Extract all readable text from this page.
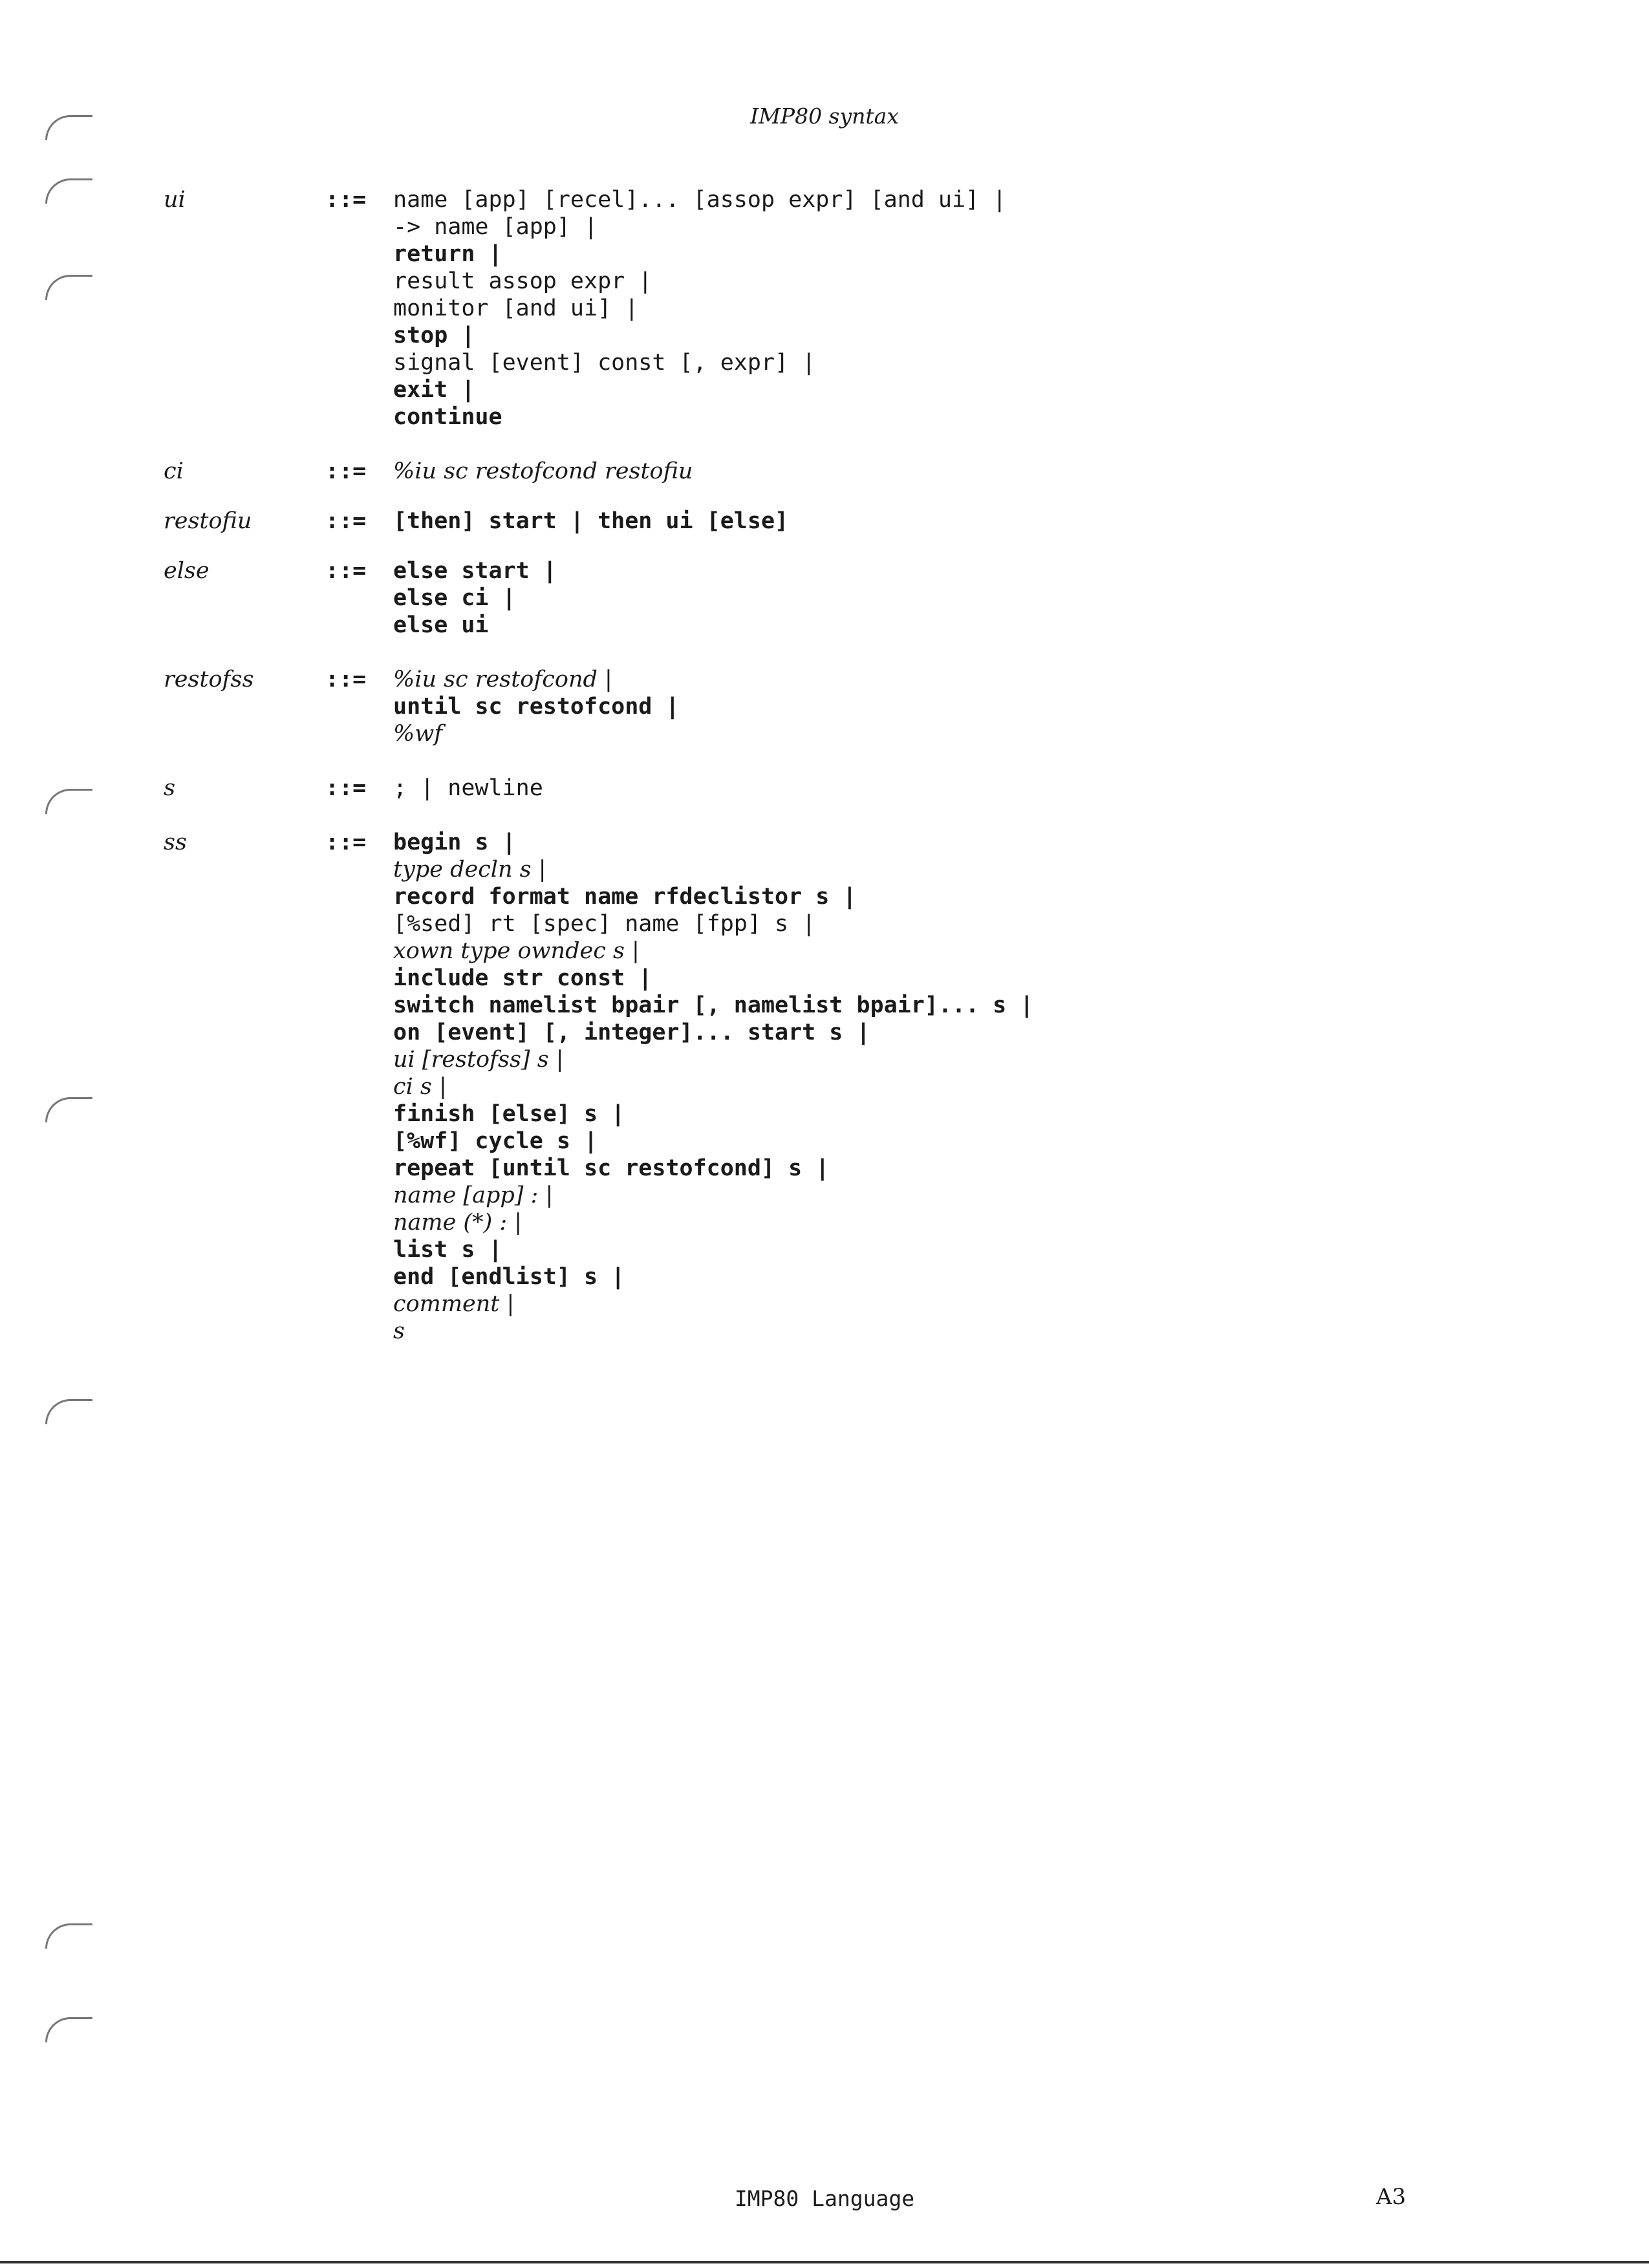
IMP80 syntax
ui	::=	name [app] [recel]... [assop expr] [and ui] |
-> name [app] |
return |
result assop expr |
monitor [and ui] |
stop |
signal [event] const [, expr] |
exit |
continue
ci	::=	%iu sc restofcond restofiu
restofiu	::=	[then] start | then ui [else]
else	::=	else start |
else ci |
else ui
restofss	::=	%iu sc restofcond |
until sc restofcond |
%wf
s	::=	; | newline
ss	::=	begin s |
type decln s |
record format name rfdeclistor s |
[%sed] rt [spec] name [fpp] s |
xown type owndec s |
include str const |
switch namelist bpair [, namelist bpair]... s |
on [event] [, integer]... start s |
ui [restofss] s |
ci s |
finish [else] s |
[%wf] cycle s |
repeat [until sc restofcond] s |
name [app] : |
name (*) : |
list s |
end [endlist] s |
comment |
s
IMP80 Language	A3
